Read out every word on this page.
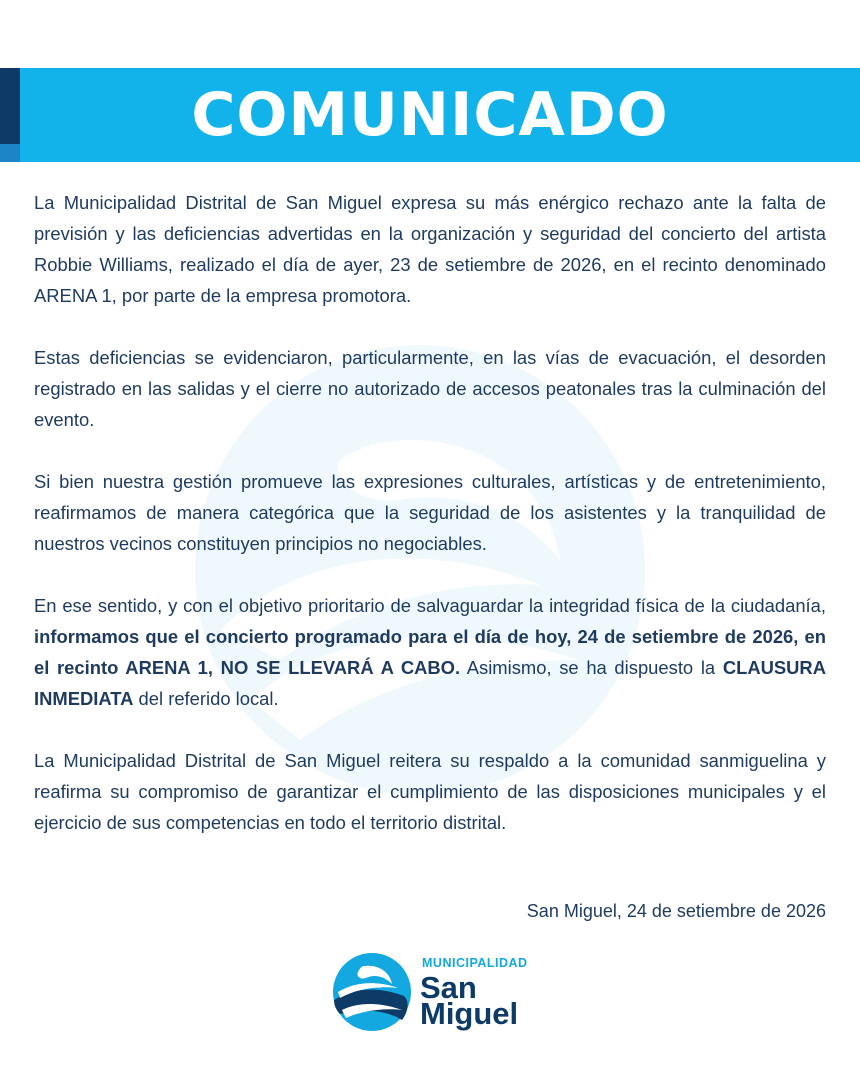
COMUNICADO

La Municipalidad Distrital de San Miguel expresa su más enérgico rechazo ante la falta de previsión y las deficiencias advertidas en la organización y seguridad del concierto del artista Robbie Williams, realizado el día de ayer, 23 de setiembre de 2026, en el recinto denominado ARENA 1, por parte de la empresa promotora.

Estas deficiencias se evidenciaron, particularmente, en las vías de evacuación, el desorden registrado en las salidas y el cierre no autorizado de accesos peatonales tras la culminación del evento.

Si bien nuestra gestión promueve las expresiones culturales, artísticas y de entretenimiento, reafirmamos de manera categórica que la seguridad de los asistentes y la tranquilidad de nuestros vecinos constituyen principios no negociables.

En ese sentido, y con el objetivo prioritario de salvaguardar la integridad física de la ciudadanía, informamos que el concierto programado para el día de hoy, 24 de setiembre de 2026, en el recinto ARENA 1, NO SE LLEVARÁ A CABO. Asimismo, se ha dispuesto la CLAUSURA INMEDIATA del referido local.

La Municipalidad Distrital de San Miguel reitera su respaldo a la comunidad sanmiguelina y reafirma su compromiso de garantizar el cumplimiento de las disposiciones municipales y el ejercicio de sus competencias en todo el territorio distrital.

San Miguel, 24 de setiembre de 2026
MUNICIPALIDAD
San
Miguel
